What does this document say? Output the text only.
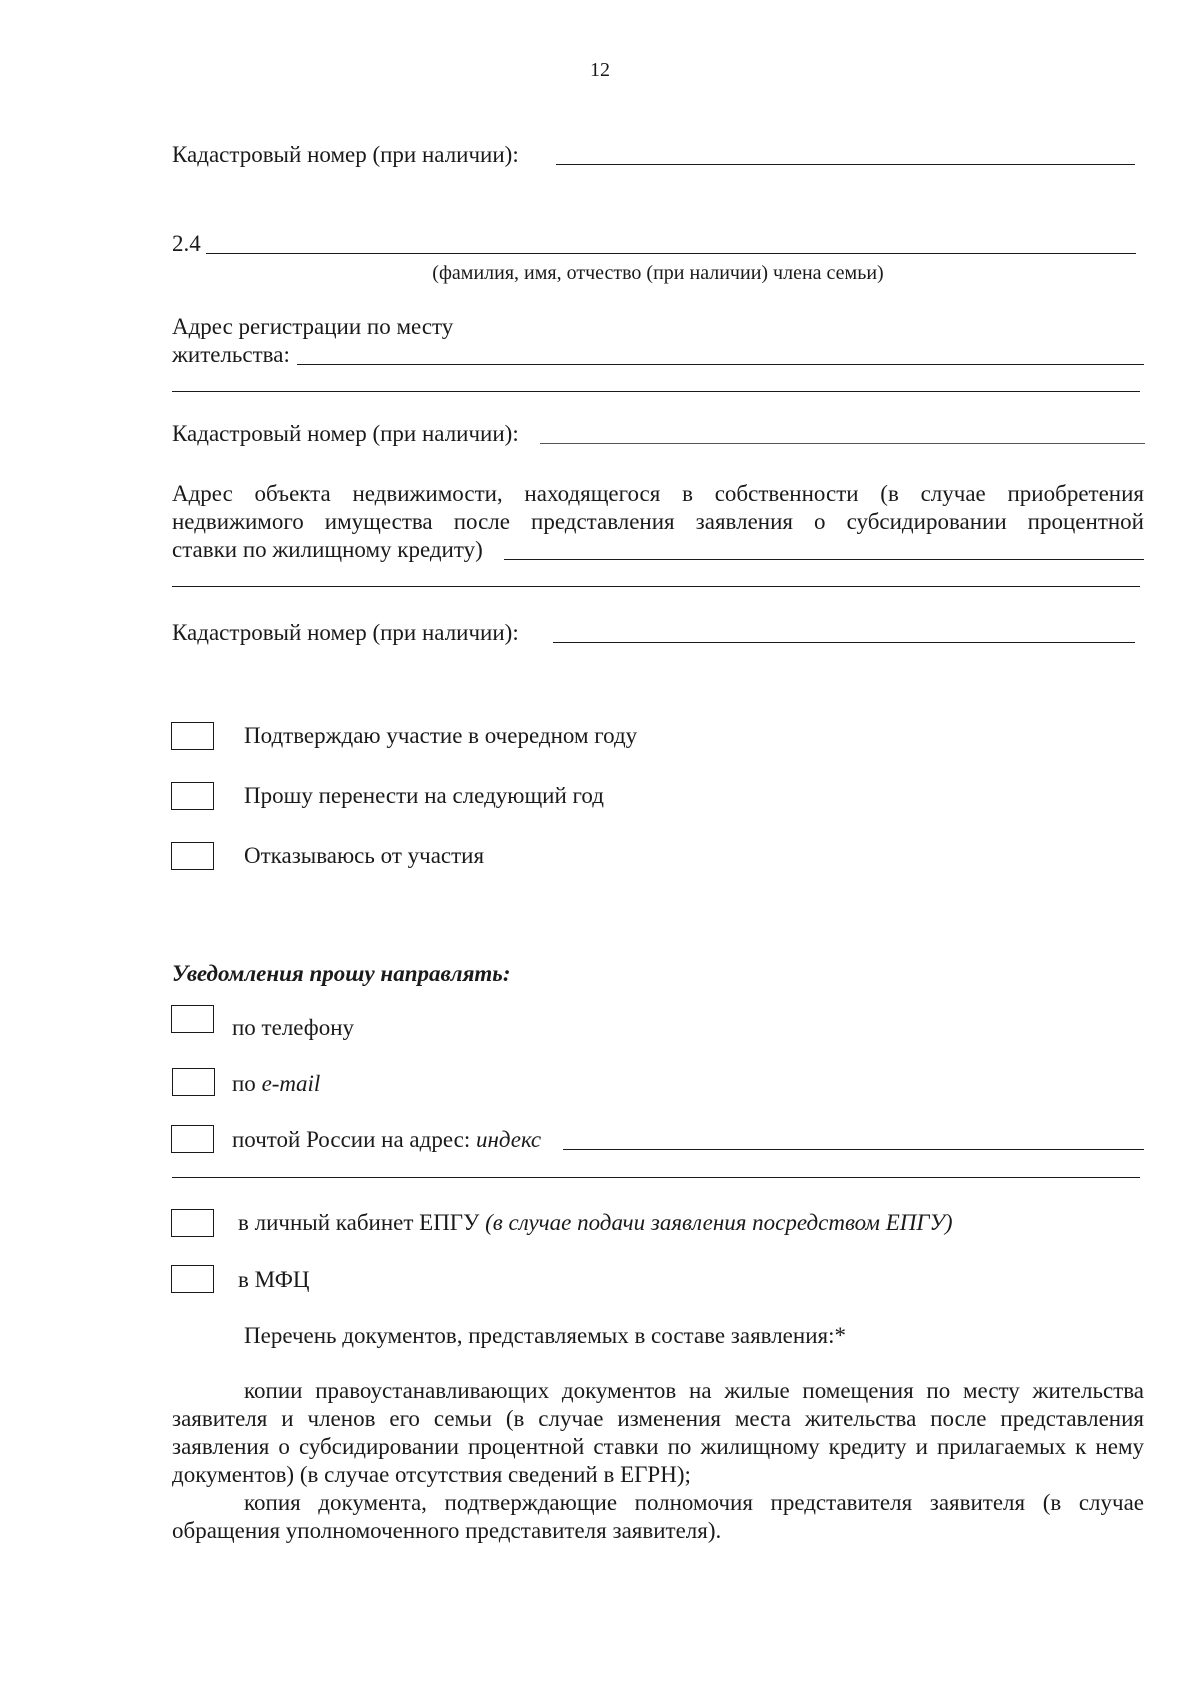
12
Кадастровый номер (при наличии):
2.4
(фамилия, имя, отчество (при наличии) члена семьи)
Адрес регистрации по месту
жительства:
Кадастровый номер (при наличии):
Адрес объекта недвижимости, находящегося в собственности (в случае приобретения
недвижимого имущества после представления заявления о субсидировании процентной
ставки по жилищному кредиту)
Кадастровый номер (при наличии):
Подтверждаю участие в очередном году
Прошу перенести на следующий год
Отказываюсь от участия
Уведомления прошу направлять:
по телефону
по e-mail
почтой России на адрес: индекс
в личный кабинет ЕПГУ (в случае подачи заявления посредством ЕПГУ)
в МФЦ
Перечень документов, представляемых в составе заявления:*
копии правоустанавливающих документов на жилые помещения по месту жительства заявителя и членов его семьи (в случае изменения места жительства после представления заявления о субсидировании процентной ставки по жилищному кредиту и прилагаемых к нему документов) (в случае отсутствия сведений в ЕГРН);
копия документа, подтверждающие полномочия представителя заявителя (в случае обращения уполномоченного представителя заявителя).
